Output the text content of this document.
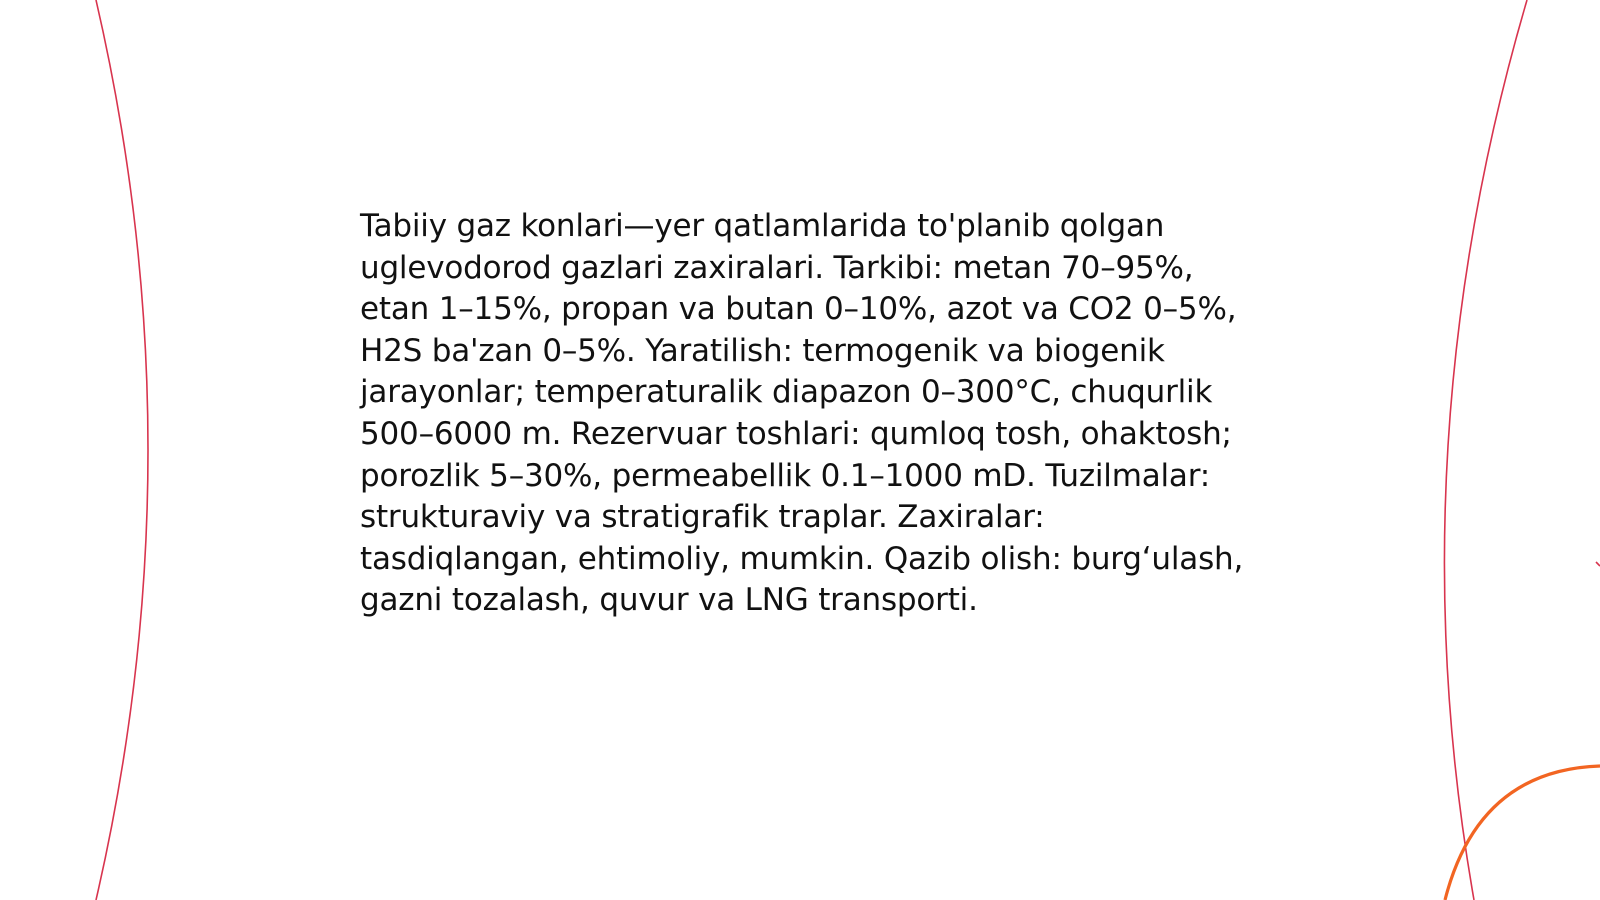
Tabiiy gaz konlari—yer qatlamlarida to'planib qolgan uglevodorod gazlari zaxiralari. Tarkibi: metan 70–95%, etan 1–15%, propan va butan 0–10%, azot va CO2 0–5%, H2S ba'zan 0–5%. Yaratilish: termogenik va biogenik jarayonlar; temperaturalik diapazon 0–300°C, chuqurlik 500–6000 m. Rezervuar toshlari: qumloq tosh, ohaktosh; porozlik 5–30%, permeabellik 0.1–1000 mD. Tuzilmalar: strukturaviy va stratigrafik traplar. Zaxiralar: tasdiqlangan, ehtimoliy, mumkin. Qazib olish: burg‘ulash, gazni tozalash, quvur va LNG transporti.
